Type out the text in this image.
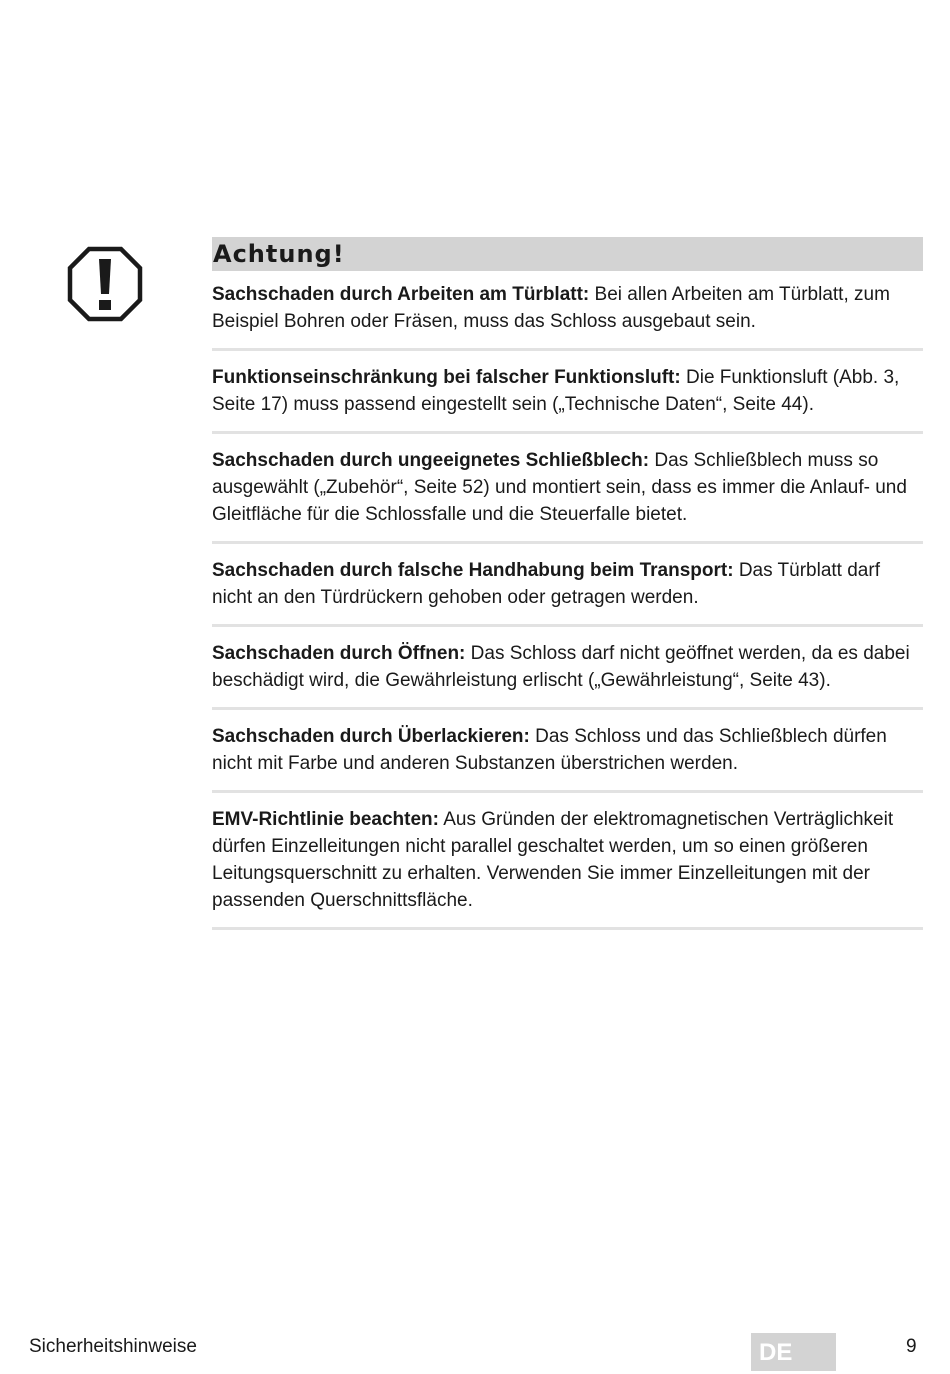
Achtung!
Sachschaden durch Arbeiten am Türblatt: Bei allen Arbeiten am Türblatt, zum Beispiel Bohren oder Fräsen, muss das Schloss ausgebaut sein.
Funktionseinschränkung bei falscher Funktionsluft: Die Funktionsluft (Abb. 3, Seite 17) muss passend eingestellt sein („Technische Daten“, Seite 44).
Sachschaden durch ungeeignetes Schließblech: Das Schließblech muss so ausgewählt („Zubehör“, Seite 52) und montiert sein, dass es immer die Anlauf- und Gleitfläche für die Schlossfalle und die Steuerfalle bietet.
Sachschaden durch falsche Handhabung beim Transport: Das Türblatt darf nicht an den Türdrückern gehoben oder getragen werden.
Sachschaden durch Öffnen: Das Schloss darf nicht geöffnet werden, da es dabei beschädigt wird, die Gewährleistung erlischt („Gewährleistung“, Seite 43).
Sachschaden durch Überlackieren: Das Schloss und das Schließblech dürfen nicht mit Farbe und anderen Substanzen überstrichen werden.
EMV-Richtlinie beachten: Aus Gründen der elektromagnetischen Verträglichkeit dürfen Einzelleitungen nicht parallel geschaltet werden, um so einen größeren Leitungsquerschnitt zu erhalten. Verwenden Sie immer Einzelleitungen mit der passenden Querschnittsfläche.
Sicherheitshinweise	DE	9
